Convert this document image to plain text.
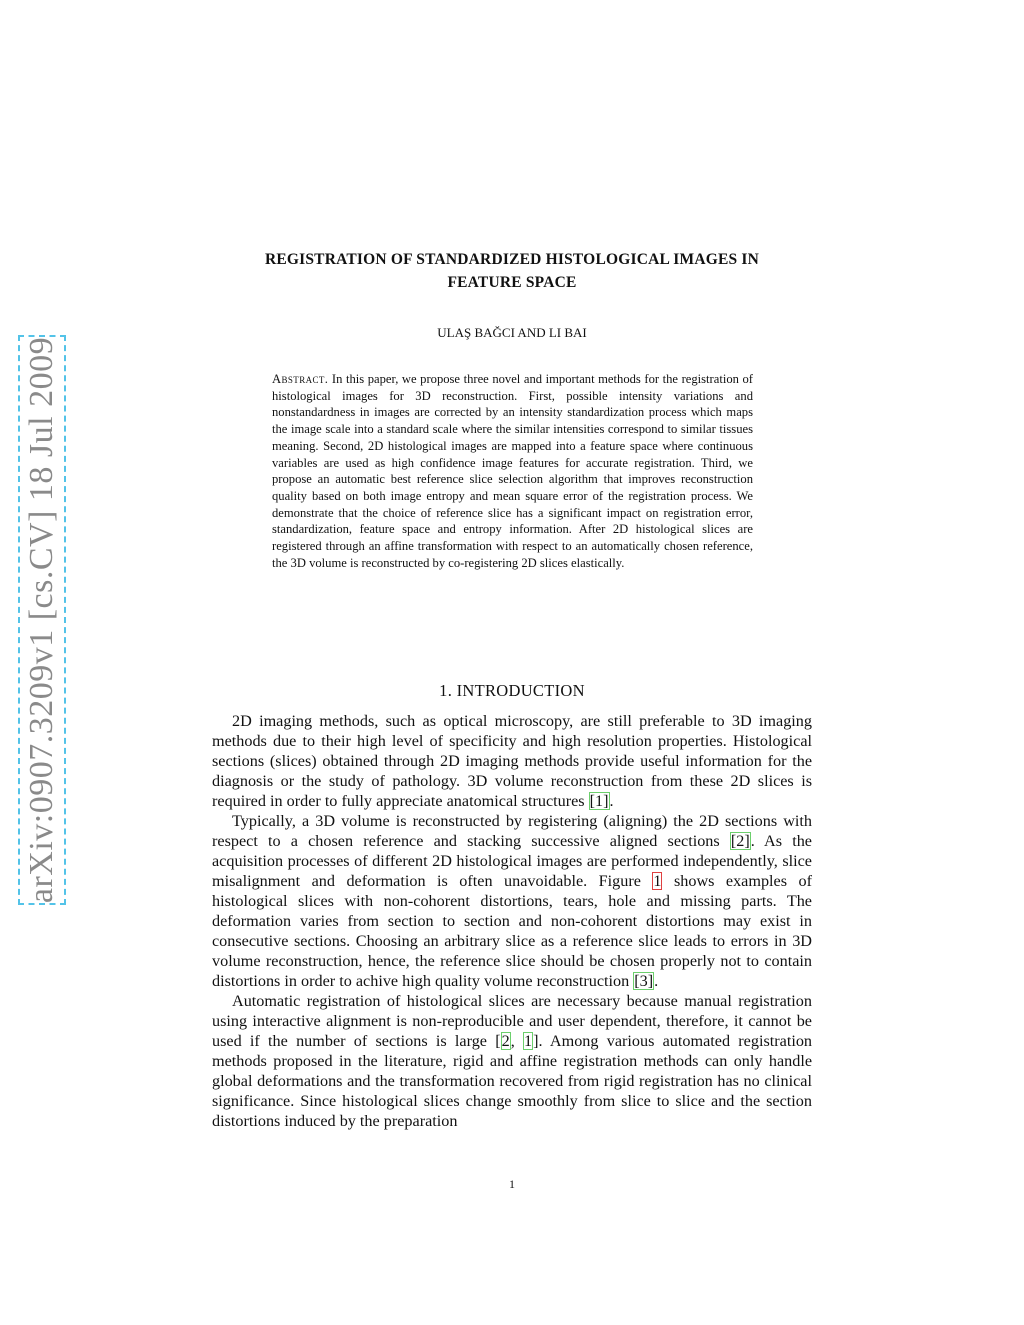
arXiv:0907.3209v1 [cs.CV] 18 Jul 2009
REGISTRATION OF STANDARDIZED HISTOLOGICAL IMAGES IN
FEATURE SPACE
ULAŞ BAĞCI AND LI BAI
Abstract. In this paper, we propose three novel and important methods for the registration of histological images for 3D reconstruction. First, possible intensity variations and nonstandardness in images are corrected by an intensity standardization process which maps the image scale into a standard scale where the similar intensities correspond to similar tissues meaning. Second, 2D histological images are mapped into a feature space where continuous variables are used as high confidence image features for accurate registration. Third, we propose an automatic best reference slice selection algorithm that improves reconstruction quality based on both image entropy and mean square error of the registration process. We demonstrate that the choice of reference slice has a significant impact on registration error, standardization, feature space and entropy information. After 2D histological slices are registered through an affine transformation with respect to an automatically chosen reference, the 3D volume is reconstructed by co-registering 2D slices elastically.
1. INTRODUCTION

2D imaging methods, such as optical microscopy, are still preferable to 3D imaging methods due to their high level of specificity and high resolution properties. Histological sections (slices) obtained through 2D imaging methods provide useful information for the diagnosis or the study of pathology. 3D volume reconstruction from these 2D slices is required in order to fully appreciate anatomical structures [1].

Typically, a 3D volume is reconstructed by registering (aligning) the 2D sections with respect to a chosen reference and stacking successive aligned sections [2]. As the acquisition processes of different 2D histological images are performed independently, slice misalignment and deformation is often unavoidable. Figure 1 shows examples of histological slices with non-cohorent distortions, tears, hole and missing parts. The deformation varies from section to section and non-cohorent distortions may exist in consecutive sections. Choosing an arbitrary slice as a reference slice leads to errors in 3D volume reconstruction, hence, the reference slice should be chosen properly not to contain distortions in order to achive high quality volume reconstruction [3].

Automatic registration of histological slices are necessary because manual registration using interactive alignment is non-reproducible and user dependent, therefore, it cannot be used if the number of sections is large [2, 1]. Among various automated registration methods proposed in the literature, rigid and affine registration methods can only handle global deformations and the transformation recovered from rigid registration has no clinical significance. Since histological slices change smoothly from slice to slice and the section distortions induced by the preparation

1
